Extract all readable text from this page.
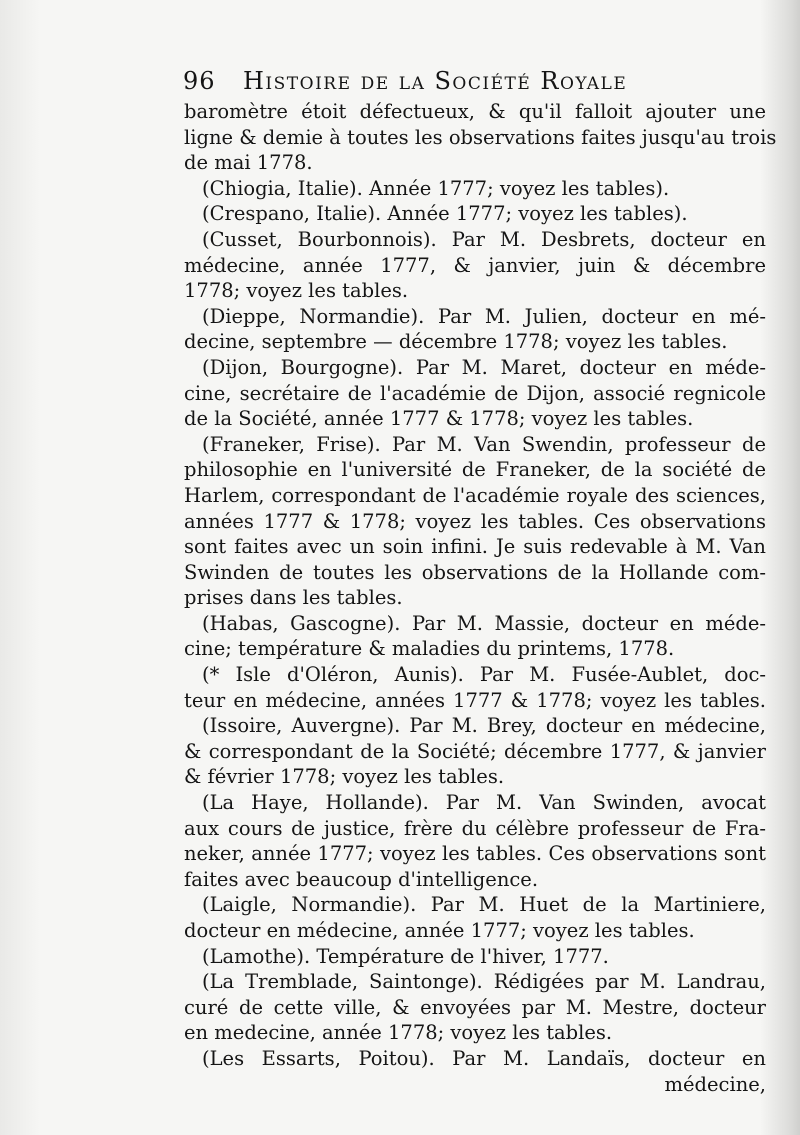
96 Histoire de la Société Royale
baromètre étoit défectueux, & qu'il falloit ajouter une
ligne & demie à toutes les observations faites jusqu'au trois
de mai 1778.
(Chiogia, Italie). Année 1777; voyez les tables).
(Crespano, Italie). Année 1777; voyez les tables).
(Cusset, Bourbonnois). Par M. Desbrets, docteur en
médecine, année 1777, & janvier, juin & décembre
1778; voyez les tables.
(Dieppe, Normandie). Par M. Julien, docteur en mé-
decine, septembre — décembre 1778; voyez les tables.
(Dijon, Bourgogne). Par M. Maret, docteur en méde-
cine, secrétaire de l'académie de Dijon, associé regnicole
de la Société, année 1777 & 1778; voyez les tables.
(Franeker, Frise). Par M. Van Swendin, professeur de
philosophie en l'université de Franeker, de la société de
Harlem, correspondant de l'académie royale des sciences,
années 1777 & 1778; voyez les tables. Ces observations
sont faites avec un soin infini. Je suis redevable à M. Van
Swinden de toutes les observations de la Hollande com-
prises dans les tables.
(Habas, Gascogne). Par M. Massie, docteur en méde-
cine; température & maladies du printems, 1778.
(* Isle d'Oléron, Aunis). Par M. Fusée-Aublet, doc-
teur en médecine, années 1777 & 1778; voyez les tables.
(Issoire, Auvergne). Par M. Brey, docteur en médecine,
& correspondant de la Société; décembre 1777, & janvier
& février 1778; voyez les tables.
(La Haye, Hollande). Par M. Van Swinden, avocat
aux cours de justice, frère du célèbre professeur de Fra-
neker, année 1777; voyez les tables. Ces observations sont
faites avec beaucoup d'intelligence.
(Laigle, Normandie). Par M. Huet de la Martiniere,
docteur en médecine, année 1777; voyez les tables.
(Lamothe). Température de l'hiver, 1777.
(La Tremblade, Saintonge). Rédigées par M. Landrau,
curé de cette ville, & envoyées par M. Mestre, docteur
en medecine, année 1778; voyez les tables.
(Les Essarts, Poitou). Par M. Landaïs, docteur en
médecine,
